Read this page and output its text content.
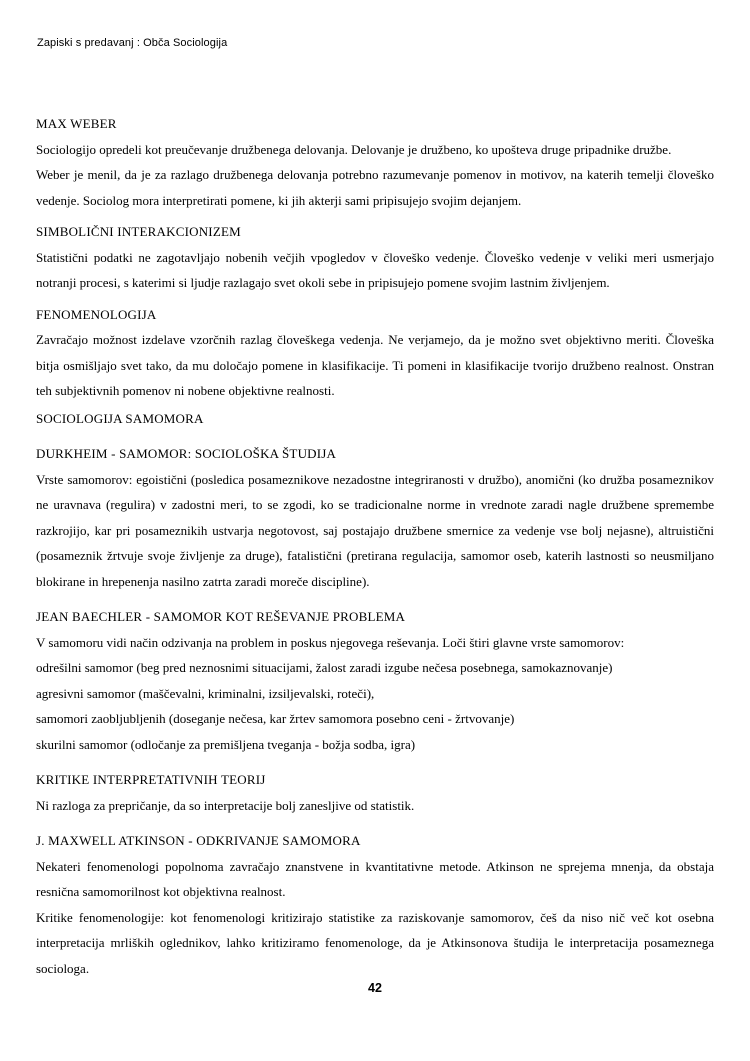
Zapiski s predavanj : Obča Sociologija
MAX WEBER

Sociologijo opredeli kot preučevanje družbenega delovanja. Delovanje je družbeno, ko upošteva druge pripadnike družbe.

Weber je menil, da je za razlago družbenega delovanja potrebno razumevanje pomenov in motivov, na katerih temelji človeško vedenje. Sociolog mora interpretirati pomene, ki jih akterji sami pripisujejo svojim dejanjem.

SIMBOLIČNI INTERAKCIONIZEM

Statistični podatki ne zagotavljajo nobenih večjih vpogledov v človeško vedenje. Človeško vedenje v veliki meri usmerjajo notranji procesi, s katerimi si ljudje razlagajo svet okoli sebe in pripisujejo pomene svojim lastnim življenjem.

FENOMENOLOGIJA

Zavračajo možnost izdelave vzorčnih razlag človeškega vedenja. Ne verjamejo, da je možno svet objektivno meriti. Človeška bitja osmišljajo svet tako, da mu določajo pomene in klasifikacije. Ti pomeni in klasifikacije tvorijo družbeno realnost. Onstran teh subjektivnih pomenov ni nobene objektivne realnosti.

SOCIOLOGIJA SAMOMORA
DURKHEIM - SAMOMOR: SOCIOLOŠKA ŠTUDIJA

Vrste samomorov: egoistični (posledica posameznikove nezadostne integriranosti v družbo), anomični (ko družba posameznikov ne uravnava (regulira) v zadostni meri, to se zgodi, ko se tradicionalne norme in vrednote zaradi nagle družbene spremembe razkrojijo, kar pri posameznikih ustvarja negotovost, saj postajajo družbene smernice za vedenje vse bolj nejasne), altruistični (posameznik žrtvuje svoje življenje za druge), fatalistični (pretirana regulacija, samomor oseb, katerih lastnosti so neusmiljano blokirane in hrepenenja nasilno zatrta zaradi moreče discipline).

JEAN BAECHLER - SAMOMOR KOT REŠEVANJE PROBLEMA

V samomoru vidi način odzivanja na problem in poskus njegovega reševanja. Loči štiri glavne vrste samomorov:

odrešilni samomor (beg pred neznosnimi situacijami, žalost zaradi izgube nečesa posebnega, samokaznovanje)

agresivni samomor (maščevalni, kriminalni, izsiljevalski, roteči),

samomori zaobljubljenih (doseganje nečesa, kar žrtev samomora posebno ceni - žrtvovanje)

skurilni samomor (odločanje za premišljena tveganja - božja sodba, igra)

KRITIKE INTERPRETATIVNIH TEORIJ

Ni razloga za prepričanje, da so interpretacije bolj zanesljive od statistik.

J. MAXWELL ATKINSON - ODKRIVANJE SAMOMORA

Nekateri fenomenologi popolnoma zavračajo znanstvene in kvantitativne metode. Atkinson ne sprejema mnenja, da obstaja resnična samomorilnost kot objektivna realnost.

Kritike fenomenologije: kot fenomenologi kritizirajo statistike za raziskovanje samomorov, češ da niso nič več kot osebna interpretacija mrliških oglednikov, lahko kritiziramo fenomenologe, da je Atkinsonova študija le interpretacija posameznega sociologa.

42
